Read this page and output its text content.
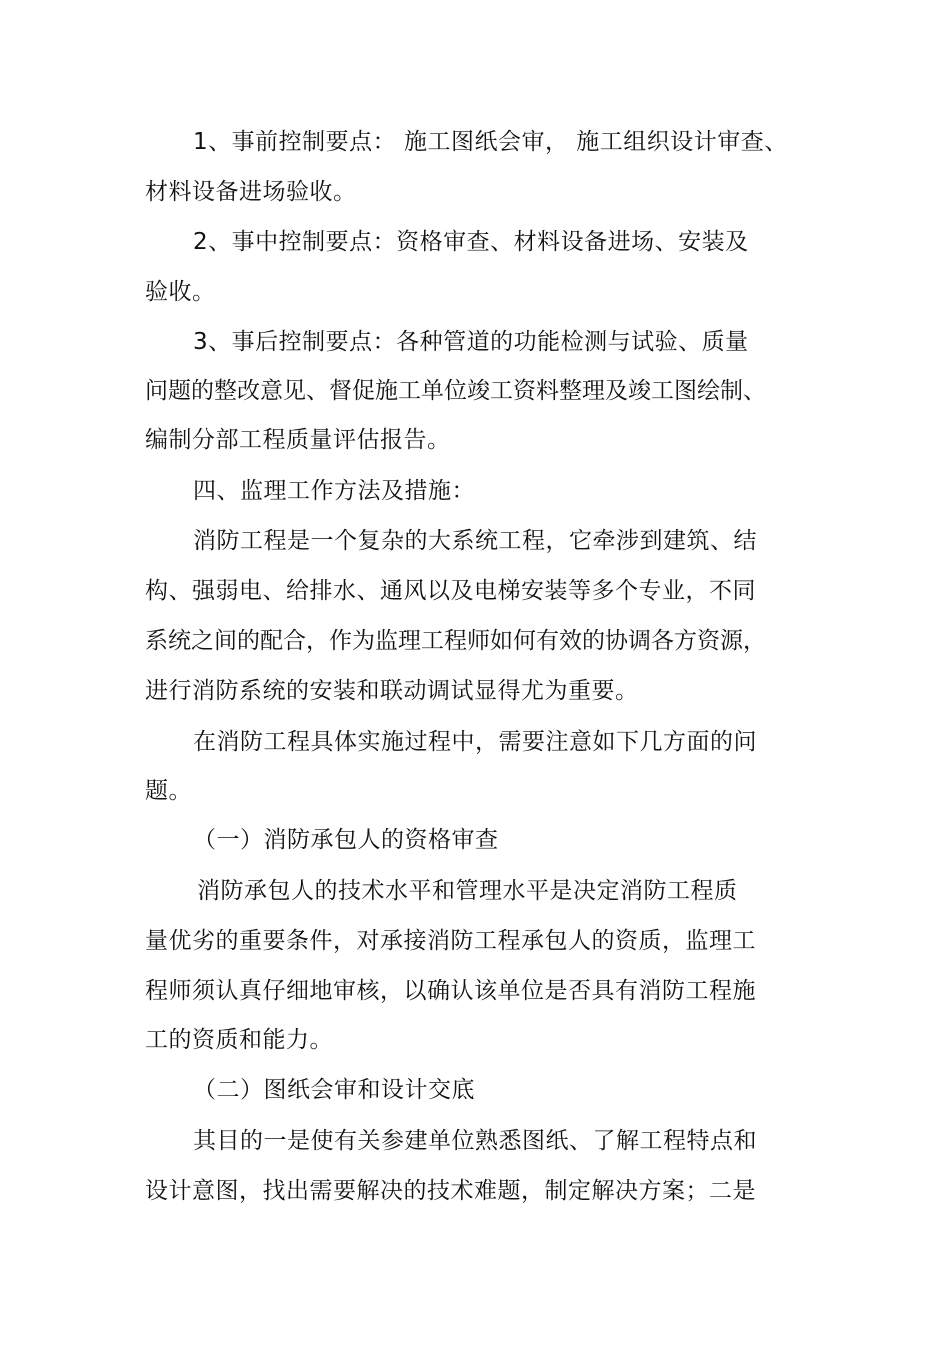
1、事前控制要点： 施工图纸会审， 施工组织设计审查、
材料设备进场验收。
2、事中控制要点：资格审查、材料设备进场、安装及
验收。
3、事后控制要点：各种管道的功能检测与试验、质量
问题的整改意见、督促施工单位竣工资料整理及竣工图绘制、
编制分部工程质量评估报告。
四、监理工作方法及措施：
消防工程是一个复杂的大系统工程，它牵涉到建筑、结
构、强弱电、给排水、通风以及电梯安装等多个专业，不同
系统之间的配合，作为监理工程师如何有效的协调各方资源，
进行消防系统的安装和联动调试显得尤为重要。
在消防工程具体实施过程中，需要注意如下几方面的问
题。
（一）消防承包人的资格审查
消防承包人的技术水平和管理水平是决定消防工程质
量优劣的重要条件，对承接消防工程承包人的资质，监理工
程师须认真仔细地审核，以确认该单位是否具有消防工程施
工的资质和能力。
（二）图纸会审和设计交底
其目的一是使有关参建单位熟悉图纸、了解工程特点和
设计意图，找出需要解决的技术难题，制定解决方案；二是
